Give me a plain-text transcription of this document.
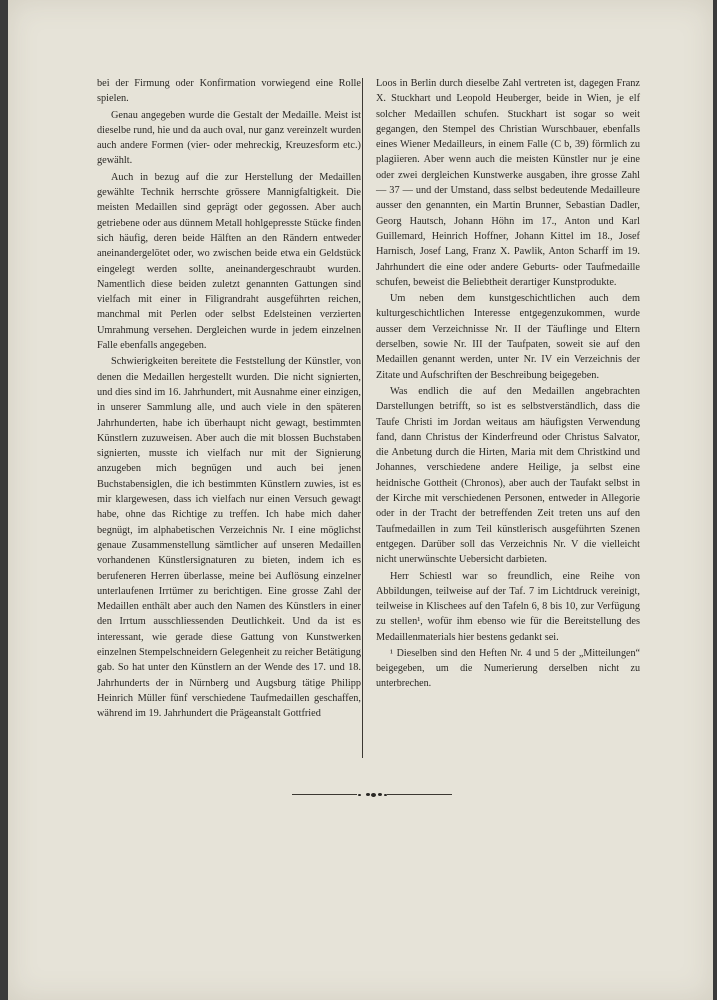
bei der Firmung oder Konfirmation vorwiegend eine Rolle spielen.

Genau angegeben wurde die Gestalt der Medaille. Meist ist dieselbe rund, hie und da auch oval, nur ganz vereinzelt wurden auch andere Formen (vier- oder mehreckig, Kreuzesform etc.) gewählt.

Auch in bezug auf die zur Herstellung der Medaillen gewählte Technik herrschte grössere Mannigfaltigkeit. Die meisten Medaillen sind geprägt oder gegossen. Aber auch getriebene oder aus dünnem Metall hohlgepresste Stücke finden sich häufig, deren beide Hälften an den Rändern entweder aneinandergelötet oder, wo zwischen beide etwa ein Geldstück eingelegt werden sollte, aneinandergeschraubt wurden. Namentlich diese beiden zuletzt genannten Gattungen sind vielfach mit einer in Filigrandraht ausgeführten reichen, manchmal mit Perlen oder selbst Edelsteinen verzierten Umrahmung versehen. Dergleichen wurde in jedem einzelnen Falle ebenfalls angegeben.

Schwierigkeiten bereitete die Feststellung der Künstler, von denen die Medaillen hergestellt wurden. Die nicht signierten, und dies sind im 16. Jahrhundert, mit Ausnahme einer einzigen, in unserer Sammlung alle, und auch viele in den späteren Jahrhunderten, habe ich überhaupt nicht gewagt, bestimmten Künstlern zuzuweisen. Aber auch die mit blossen Buchstaben signierten, musste ich vielfach nur mit der Signierung anzugeben mich begnügen und auch bei jenen Buchstabensiglen, die ich bestimmten Künstlern zuwies, ist es mir klargewesen, dass ich vielfach nur einen Versuch gewagt habe, ohne das Richtige zu treffen. Ich habe mich daher begnügt, im alphabetischen Verzeichnis Nr. I eine möglichst genaue Zusammenstellung sämtlicher auf unseren Medaillen vorhandenen Künstlersignaturen zu bieten, indem ich es berufeneren Herren überlasse, meine bei Auflösung einzelner unterlaufenen Irrtümer zu berichtigen. Eine grosse Zahl der Medaillen enthält aber auch den Namen des Künstlers in einer den Irrtum ausschliessenden Deutlichkeit. Und da ist es interessant, wie gerade diese Gattung von Kunstwerken einzelnen Stempelschneidern Gelegenheit zu reicher Betätigung gab. So hat unter den Künstlern an der Wende des 17. und 18. Jahrhunderts der in Nürnberg und Augsburg tätige Philipp Heinrich Müller fünf verschiedene Taufmedaillen geschaffen, während im 19. Jahrhundert die Prägeanstalt Gottfried

Loos in Berlin durch dieselbe Zahl vertreten ist, dagegen Franz X. Stuckhart und Leopold Heuberger, beide in Wien, je elf solcher Medaillen schufen. Stuckhart ist sogar so weit gegangen, den Stempel des Christian Wurschbauer, ebenfalls eines Wiener Medailleurs, in einem Falle (C b, 39) förmlich zu plagiieren. Aber wenn auch die meisten Künstler nur je eine oder zwei dergleichen Kunstwerke ausgaben, ihre grosse Zahl — 37 — und der Umstand, dass selbst bedeutende Medailleure ausser den genannten, ein Martin Brunner, Sebastian Dadler, Georg Hautsch, Johann Höhn im 17., Anton und Karl Guillemard, Heinrich Hoffner, Johann Kittel im 18., Josef Harnisch, Josef Lang, Franz X. Pawlik, Anton Scharff im 19. Jahrhundert die eine oder andere Geburts- oder Taufmedaille schufen, beweist die Beliebtheit derartiger Kunstprodukte.

Um neben dem kunstgeschichtlichen auch dem kulturgeschichtlichen Interesse entgegenzukommen, wurde ausser dem Verzeichnisse Nr. II der Täuflinge und Eltern derselben, sowie Nr. III der Taufpaten, soweit sie auf den Medaillen genannt werden, unter Nr. IV ein Verzeichnis der Zitate und Aufschriften der Beschreibung beigegeben.

Was endlich die auf den Medaillen angebrachten Darstellungen betrifft, so ist es selbstverständlich, dass die Taufe Christi im Jordan weitaus am häufigsten Verwendung fand, dann Christus der Kinderfreund oder Christus Salvator, die Anbetung durch die Hirten, Maria mit dem Christkind und Johannes, verschiedene andere Heilige, ja selbst eine heidnische Gottheit (Chronos), aber auch der Taufakt selbst in der Kirche mit verschiedenen Personen, entweder in Allegorie oder in der Tracht der betreffenden Zeit treten uns auf den Taufmedaillen in zum Teil künstlerisch ausgeführten Szenen entgegen. Darüber soll das Verzeichnis Nr. V die vielleicht nicht unerwünschte Uebersicht darbieten.

Herr Schiestl war so freundlich, eine Reihe von Abbildungen, teilweise auf der Taf. 7 im Lichtdruck vereinigt, teilweise in Klischees auf den Tafeln 6, 8 bis 10, zur Verfügung zu stellen¹, wofür ihm ebenso wie für die Bereitstellung des Medaillenmaterials hier bestens gedankt sei.

¹ Dieselben sind den Heften Nr. 4 und 5 der „Mitteilungen“ beigegeben, um die Numerierung derselben nicht zu unterbrechen.
